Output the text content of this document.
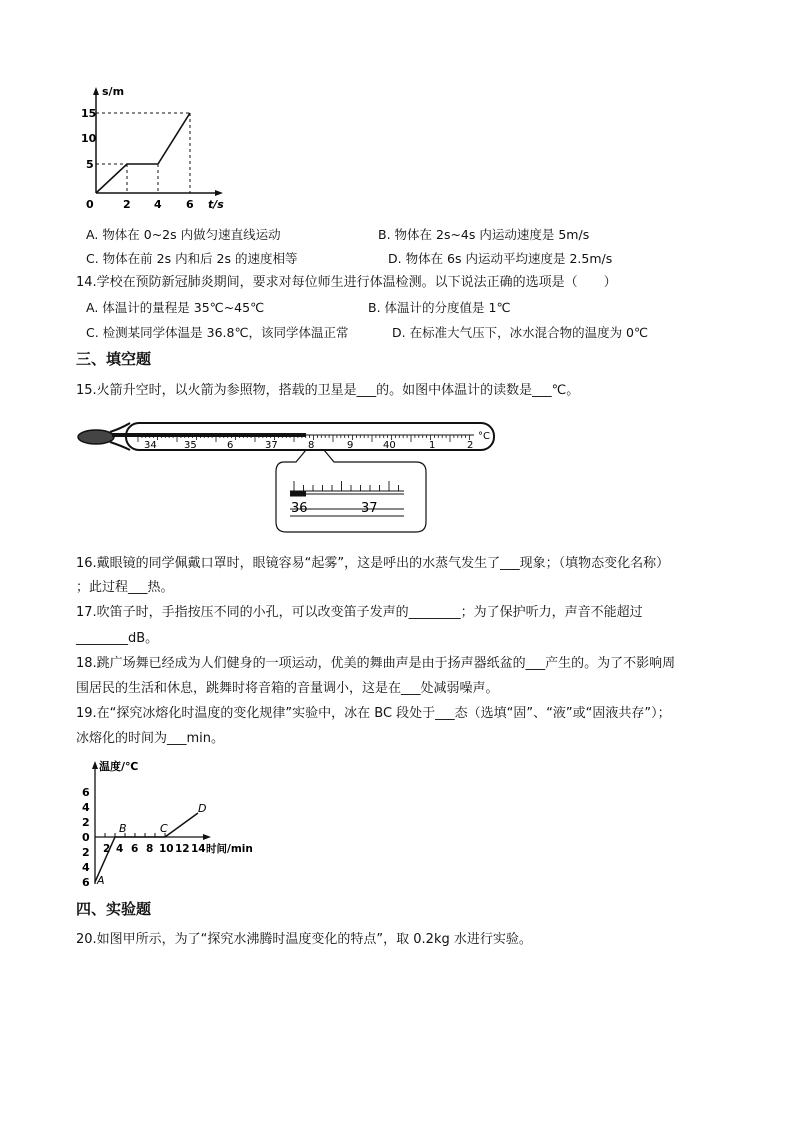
s/m
15
10
5
0	2 4 6 t/s
A. 物体在 0~2s 内做匀速直线运动	B. 物体在 2s~4s 内运动速度是 5m/s
C. 物体在前 2s 内和后 2s 的速度相等	D. 物体在 6s 内运动平均速度是 2.5m/s
14.学校在预防新冠肺炎期间，要求对每位师生进行体温检测。以下说法正确的选项是（　　）
A. 体温计的量程是 35℃~45℃	B. 体温计的分度值是 1℃
C. 检测某同学体温是 36.8℃，该同学体温正常	D. 在标准大气压下，冰水混合物的温度为 0℃
三、填空题
15.火箭升空时，以火箭为参照物，搭载的卫星是___的。如图中体温计的读数是___℃。
34	35	6	37	8	9	40	1	2
°C
36	37
16.戴眼镜的同学佩戴口罩时，眼镜容易“起雾”，这是呼出的水蒸气发生了___现象；（填物态变化名称）
；此过程___热。
17.吹笛子时，手指按压不同的小孔，可以改变笛子发声的________；为了保护听力，声音不能超过
________dB。
18.跳广场舞已经成为人们健身的一项运动，优美的舞曲声是由于扬声器纸盆的___产生的。为了不影响周
围居民的生活和休息，跳舞时将音箱的音量调小，这是在___处减弱噪声。
19.在“探究冰熔化时温度的变化规律”实验中，冰在 BC 段处于___态（选填“固”、“液”或“固液共存”）；
冰熔化的时间为___min。
温度/℃
6
4
2
0
2
4
6
2 4 6 8 10 12 14 时间/min
A
B	C
D
四、实验题
20.如图甲所示，为了“探究水沸腾时温度变化的特点”，取 0.2kg 水进行实验。
